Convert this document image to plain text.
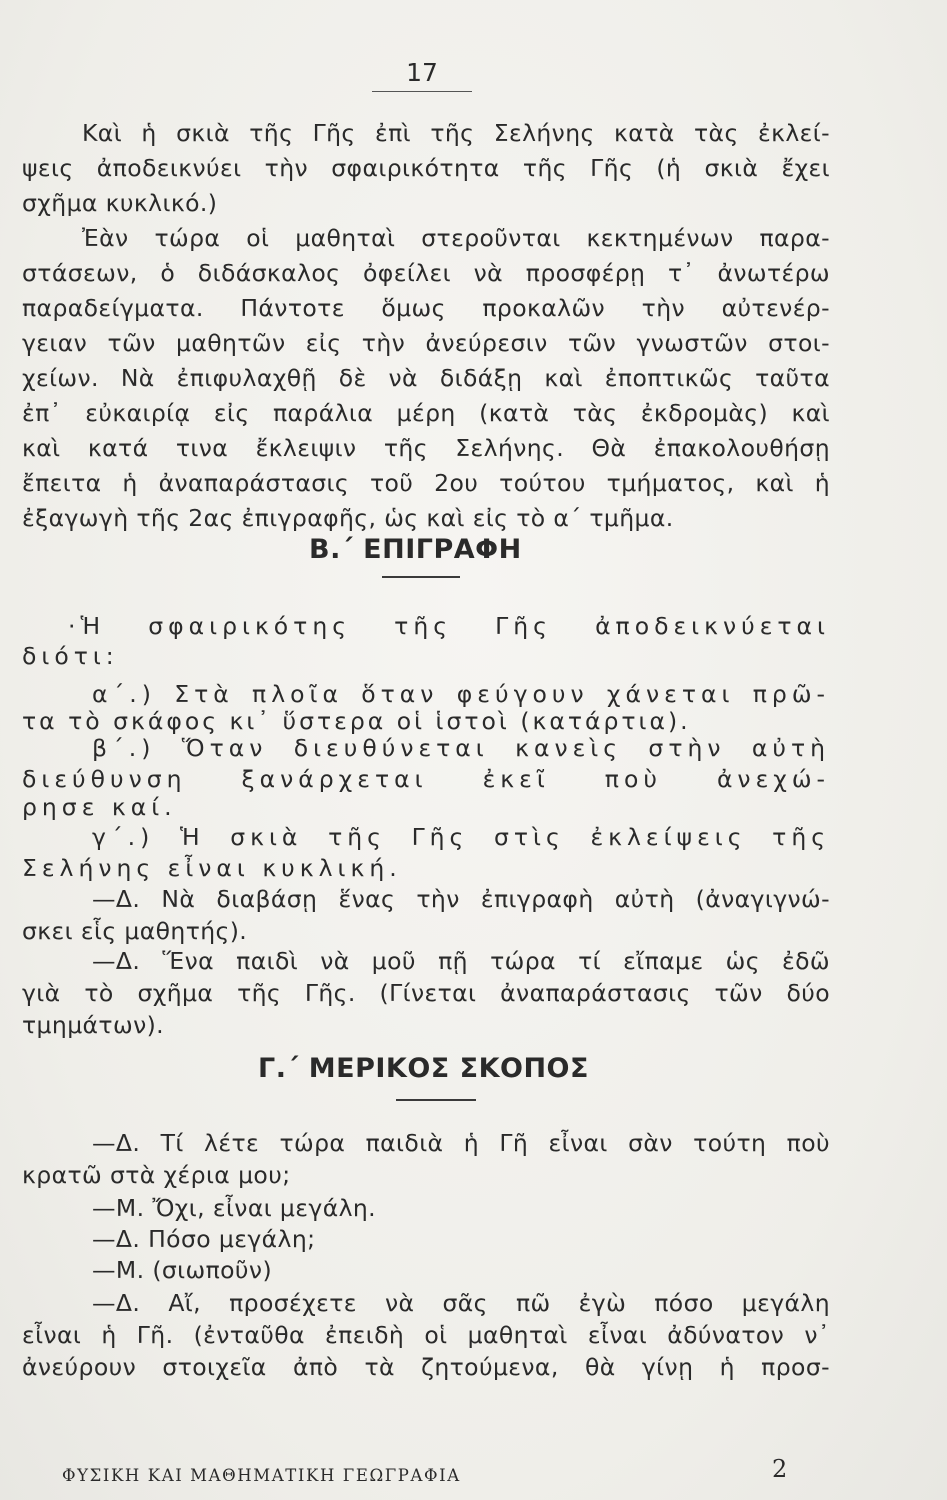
17
Καὶ ἡ σκιὰ τῆς Γῆς ἐπὶ τῆς Σελήνης κατὰ τὰς ἐκλεί-
ψεις ἀποδεικνύει τὴν σφαιρικότητα τῆς Γῆς (ἡ σκιὰ ἔχει
σχῆμα κυκλικό.)
Ἐὰν τώρα οἱ μαθηταὶ στεροῦνται κεκτημένων παρα-
στάσεων, ὁ διδάσκαλος ὀφείλει νὰ προσφέρῃ τ᾿ ἀνωτέρω
παραδείγματα. Πάντοτε ὅμως προκαλῶν τὴν αὐτενέρ-
γειαν τῶν μαθητῶν εἰς τὴν ἀνεύρεσιν τῶν γνωστῶν στοι-
χείων. Νὰ ἐπιφυλαχθῇ δὲ νὰ διδάξῃ καὶ ἐποπτικῶς ταῦτα
ἐπ᾿ εὐκαιρίᾳ εἰς παράλια μέρη (κατὰ τὰς ἐκδρομὰς) καὶ
καὶ κατά τινα ἔκλειψιν τῆς Σελήνης. Θὰ ἐπακολουθήσῃ
ἔπειτα ἡ ἀναπαράστασις τοῦ 2ου τούτου τμήματος, καὶ ἡ
ἐξαγωγὴ τῆς 2ας ἐπιγραφῆς, ὡς καὶ εἰς τὸ α΄ τμῆμα.
Β.΄ ΕΠΙΓΡΑΦΗ
·Ἡ σφαιρικότης τῆς Γῆς ἀποδεικνύεται
διότι:
α΄.) Στὰ πλοῖα ὅταν φεύγουν χάνεται πρῶ-
τα τὸ σκάφος κι᾿ ὕστερα οἱ ἱστοὶ (κατάρτια).
β΄.) Ὅταν διευθύνεται κανεὶς στὴν αὐτὴ
διεύθυνση ξανάρχεται ἐκεῖ ποὺ ἀνεχώ-
ρησε καί.
γ΄.) Ἡ σκιὰ τῆς Γῆς στὶς ἐκλείψεις τῆς
Σελήνης εἶναι κυκλική.
—Δ. Νὰ διαβάσῃ ἕνας τὴν ἐπιγραφὴ αὐτὴ (ἀναγιγνώ-
σκει εἷς μαθητής).
—Δ. Ἕνα παιδὶ νὰ μοῦ πῇ τώρα τί εἴπαμε ὡς ἐδῶ
γιὰ τὸ σχῆμα τῆς Γῆς. (Γίνεται ἀναπαράστασις τῶν δύο
τμημάτων).
Γ.΄ ΜΕΡΙΚΟΣ ΣΚΟΠΟΣ
—Δ. Τί λέτε τώρα παιδιὰ ἡ Γῆ εἶναι σὰν τούτη ποὺ
κρατῶ στὰ χέρια μου;
—Μ. Ὄχι, εἶναι μεγάλη.
—Δ. Πόσο μεγάλη;
—Μ. (σιωποῦν)
—Δ. Αἴ, προσέχετε νὰ σᾶς πῶ ἐγὼ πόσο μεγάλη
εἶναι ἡ Γῆ. (ἐνταῦθα ἐπειδὴ οἱ μαθηταὶ εἶναι ἀδύνατον ν᾿
ἀνεύρουν στοιχεῖα ἀπὸ τὰ ζητούμενα, θὰ γίνῃ ἡ προσ-
ΦΥΣΙΚΗ ΚΑΙ ΜΑΘΗΜΑΤΙΚΗ ΓΕΩΓΡΑΦΙΑ	2
